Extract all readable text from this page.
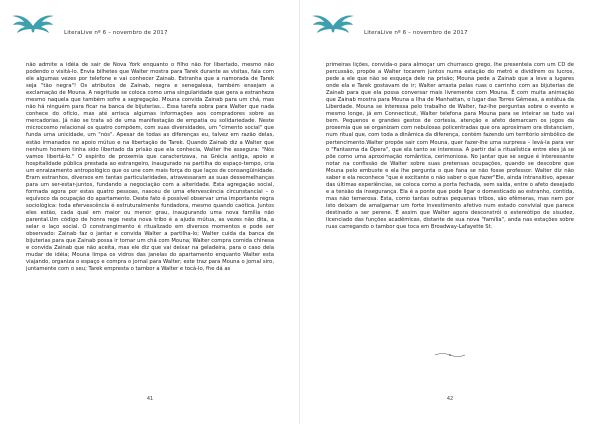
LiteraLive nº 6 – novembro de 2017

não admite a idéia de sair de Nova York enquanto o filho não for libertado, mesmo não podendo o visitá-lo. Envia bilhetes que Walter mostra para Tarek durante as visitas, fala com ele algumas vezes por telefone e vai conhecer Zainab. Estranha que a namorada de Tarek seja "tão negra"! Os atributos de Zainab, negra e senegalesa, também ensejam a exclamação de Mouna. A negritude se coloca como uma singularidade que gera a estranheza mesmo naquela que também sofre a segregação. Mouna convida Zainab para um chá, mas não há ninguém para ficar na banca de bijuterias... Essa tarefa sobra para Walter que nada conhece do ofício, mas até arrisca algumas informações aos compradores sobre as mercadorias. Já não se trata só de uma manifestação de empatia ou solidariedade. Neste microcosmo relacional os quatro compõem, com suas diversidades, um "cimento social" que funda uma unicidade, um "nós". Apesar de todas as diferenças eu, talvez em razão delas, estão irmanados no apoio mútuo e na libertação de Tarek. Quando Zainab diz a Walter que nenhum homem tinha sido libertado da prisão que ela conhecia, Walter lhe assegura: "Nós vamos libertá-lo." O espírito de proxemia que caracterizava, na Grécia antiga, apoio e hospitalidade pública prestada ao estrangeiro, inaugurado na partilha do espaço-tempo, cria um enraizamento antropológico que os une com mais força do que laços de consangüinidade. Eram estranhos, diversos em tantas particularidades, atravessaram as suas dessemelhanças para um ser-estar-juntos, fundando a negociação com a alteridade. Esta agregação social, formada agora por estas quatro pessoas, nasceu de uma efervescência circunstancial – o equívoco da ocupação do apartamento. Deste fato é possível observar uma importante regra sociológica: toda efervescência é estruturalmente fundadora, mesmo quando caótica. Juntos eles estão, cada qual em maior ou menor grau, inaugurando uma nova família não parental.Um código de honra rege nesta nova tribo é a ajuda mútua, as vezes não dita, a selar o laço social. O constrangimento é ritualizado em diversos momentos e pode ser observado: Zainab faz o jantar e convida Walter a partilha-lo; Walter cuida da banca de bijuterias para que Zainab possa ir tomar um chá com Mouna; Walter compra comida chinesa e convida Zainab que não aceita, mas ele diz que vai deixar na geladeira, para o caso dela mudar de idéia; Mouna limpa os vidros das janelas do apartamento enquanto Walter esta viajando, organiza o espaço e compra o jornal para Walter; este traz para Mouna o jornal siro, juntamente com o seu; Tarek empresta o tambor a Walter e tocá-lo, fhe dá as

41
LiteraLive nº 6 – novembro de 2017

primeiras lições, convida-o para almoçar um churrasco grego, lhe presenteia com um CD de percussão, propõe a Walter tocarem juntos numa estação do metrô e dividirem os lucros, pede a ele que não se esqueça dele na prisão; Mouna pede a Zainab que a leve a lugares onde ela e Tarek gostavam de ir; Walter arrasta pelas ruas o carrinho com as bijuterias de Zainab para que ela possa conversar mais livremente com Mouna. É com muita animação que Zainab mostra para Mouna a Ilha de Manhattan, o lugar das Torres Gêmeas, a estátua da Liberdade. Mouna se interessa pelo trabalho de Walter, faz-lhe perguntas sobre o evento e mesmo longe, já em Connecticut, Walter telefona para Mouna para se inteirar se tudo vai bem. Pequenos e grandes gestos de cortesia, atenção e afeto demarcam os jogos da proxemia que se organizam com nebulosas policentradas que ora aproximam ora distanciam, num ritual que, com toda a dinâmica da diferença, contém fazendo um território simbólico de pertencimento.Walter propõe sair com Mouna, quer fazer-lhe uma surpresa – levá-la para ver o "Fantasma da Ópera", que ela tanto se interessa. A partir daí a ritualística entre eles já se põe como uma aproximação romântica, cerimoniosa. No jantar que se segue é interessante notar na confissão de Walter sobre suas pretensas ocupações, quando se descobre que Mouna pelo embuste e ela lhe pergunta o que fana se não fosse professor. Walter diz não saber e ela reconhece "que é excitante o não saber o que fazer"Ele, ainda intransitivo, apesar das últimas experiências, se coloca como a porta fechada, sem saída, entre o afeto desejado e a tensão da insegurança. Ela é a ponte que pode ligar o domesticado ao estranho, contida, mas não temerosa. Esta, como tantas outras pequenas tribos, são efêmeras, mas nem por isto deixam de amalgamar um forte investimento afetivo num estado convivial que parece destinado a ser perene. É assim que Walter agora desconstrói o estereótipo de sisudez, licenciado das funções acadêmicas, distante de sua nova "família", anda nas estações sobre ruas carregando o tambor que toca em Broadway-Lafayette St.

42
